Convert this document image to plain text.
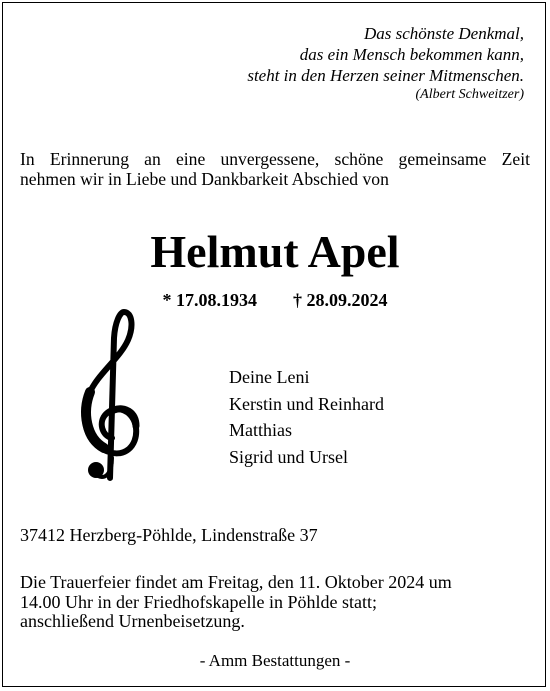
Das schönste Denkmal,
das ein Mensch bekommen kann,
steht in den Herzen seiner Mitmenschen.
(Albert Schweitzer)
In Erinnerung an eine unvergessene, schöne gemeinsame Zeit
nehmen wir in Liebe und Dankbarkeit Abschied von
Helmut Apel
* 17.08.1934 † 28.09.2024
Deine Leni
Kerstin und Reinhard
Matthias
Sigrid und Ursel
37412 Herzberg-Pöhlde, Lindenstraße 37
Die Trauerfeier findet am Freitag, den 11. Oktober 2024 um
14.00 Uhr in der Friedhofskapelle in Pöhlde statt;
anschließend Urnenbeisetzung.
- Amm Bestattungen -
